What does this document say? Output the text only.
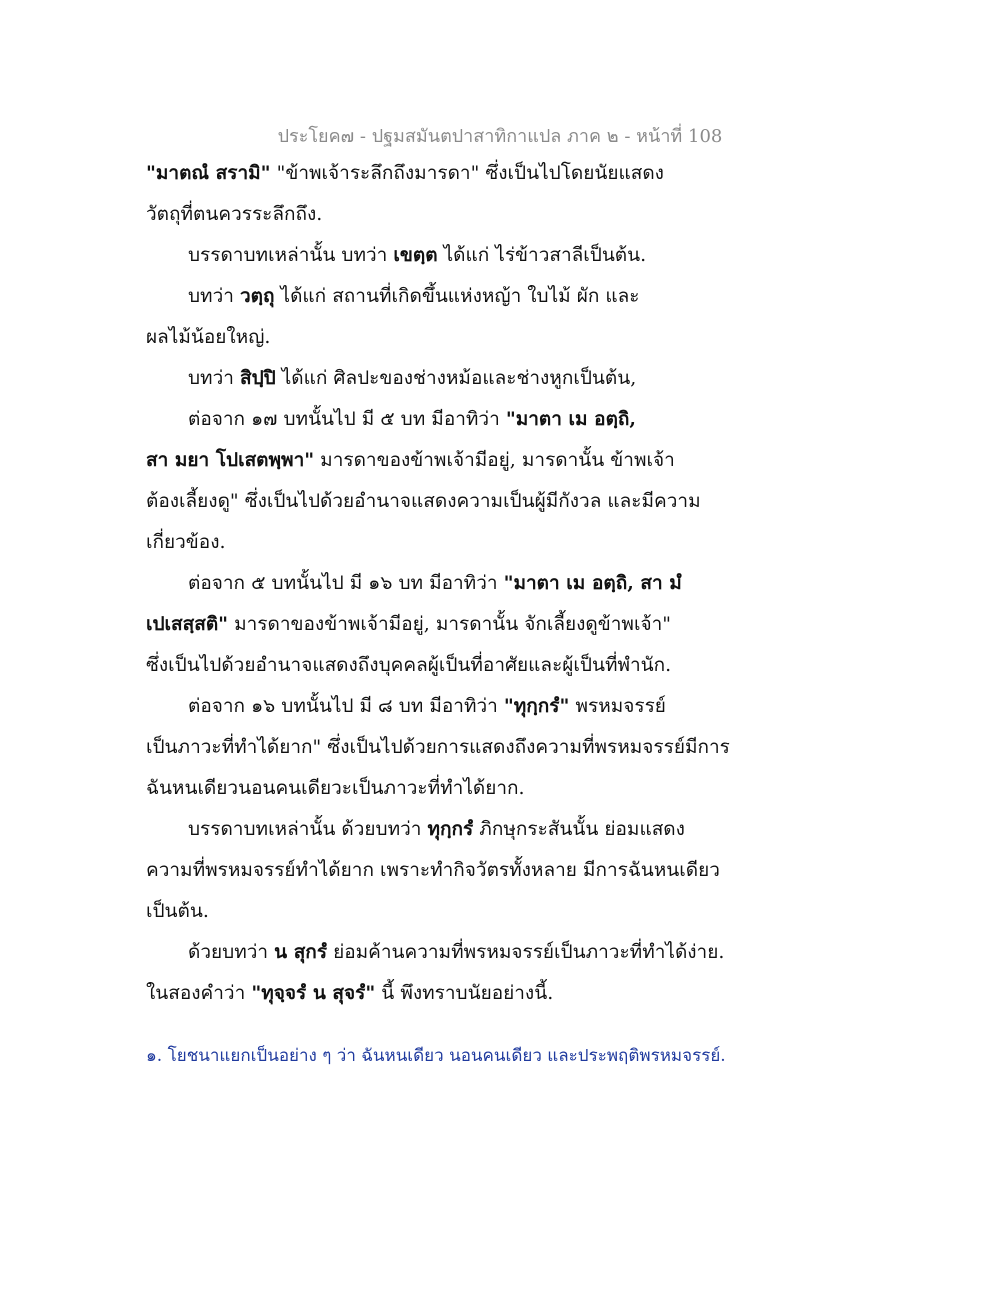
ประโยค๗ - ปฐมสมันตปาสาทิกาแปล ภาค ๒ - หน้าที่ 108
"มาตณํ สรามิ" "ข้าพเจ้าระลึกถึงมารดา" ซึ่งเป็นไปโดยนัยแสดง
วัตถุที่ตนควรระลึกถึง.
บรรดาบทเหล่านั้น บทว่า เขตฺต ได้แก่ ไร่ข้าวสาลีเป็นต้น.
บทว่า วตฺถุ ได้แก่ สถานที่เกิดขึ้นแห่งหญ้า ใบไม้ ผัก และ
ผลไม้น้อยใหญ่.
บทว่า สิปฺปิ ได้แก่ ศิลปะของช่างหม้อและช่างหูกเป็นต้น,
ต่อจาก ๑๗ บทนั้นไป มี ๕ บท มีอาทิว่า "มาตา เม อตฺถิ,
สา มยา โปเสตพฺพา" มารดาของข้าพเจ้ามีอยู่, มารดานั้น ข้าพเจ้า
ต้องเลี้ยงดู" ซึ่งเป็นไปด้วยอำนาจแสดงความเป็นผู้มีกังวล และมีความ
เกี่ยวข้อง.
ต่อจาก ๕ บทนั้นไป มี ๑๖ บท มีอาทิว่า "มาตา เม อตฺถิ, สา มํ
เปเสสฺสติ" มารดาของข้าพเจ้ามีอยู่, มารดานั้น จักเลี้ยงดูข้าพเจ้า"
ซึ่งเป็นไปด้วยอำนาจแสดงถึงบุคคลผู้เป็นที่อาศัยและผู้เป็นที่พำนัก.
ต่อจาก ๑๖ บทนั้นไป มี ๘ บท มีอาทิว่า "ทุกฺกรํ" พรหมจรรย์
เป็นภาวะที่ทำได้ยาก" ซึ่งเป็นไปด้วยการแสดงถึงความที่พรหมจรรย์มีการ
ฉันหนเดียวนอนคนเดียวะเป็นภาวะที่ทำได้ยาก.
บรรดาบทเหล่านั้น ด้วยบทว่า ทุกฺกรํ ภิกษุกระสันนั้น ย่อมแสดง
ความที่พรหมจรรย์ทำได้ยาก เพราะทำกิจวัตรทั้งหลาย มีการฉันหนเดียว
เป็นต้น.
ด้วยบทว่า น สุกรํ ย่อมค้านความที่พรหมจรรย์เป็นภาวะที่ทำได้ง่าย.
ในสองคำว่า "ทุจฺจรํ น สุจรํ" นี้ พึงทราบนัยอย่างนี้.
๑. โยชนาแยกเป็นอย่าง ๆ ว่า ฉันหนเดียว นอนคนเดียว และประพฤติพรหมจรรย์.
